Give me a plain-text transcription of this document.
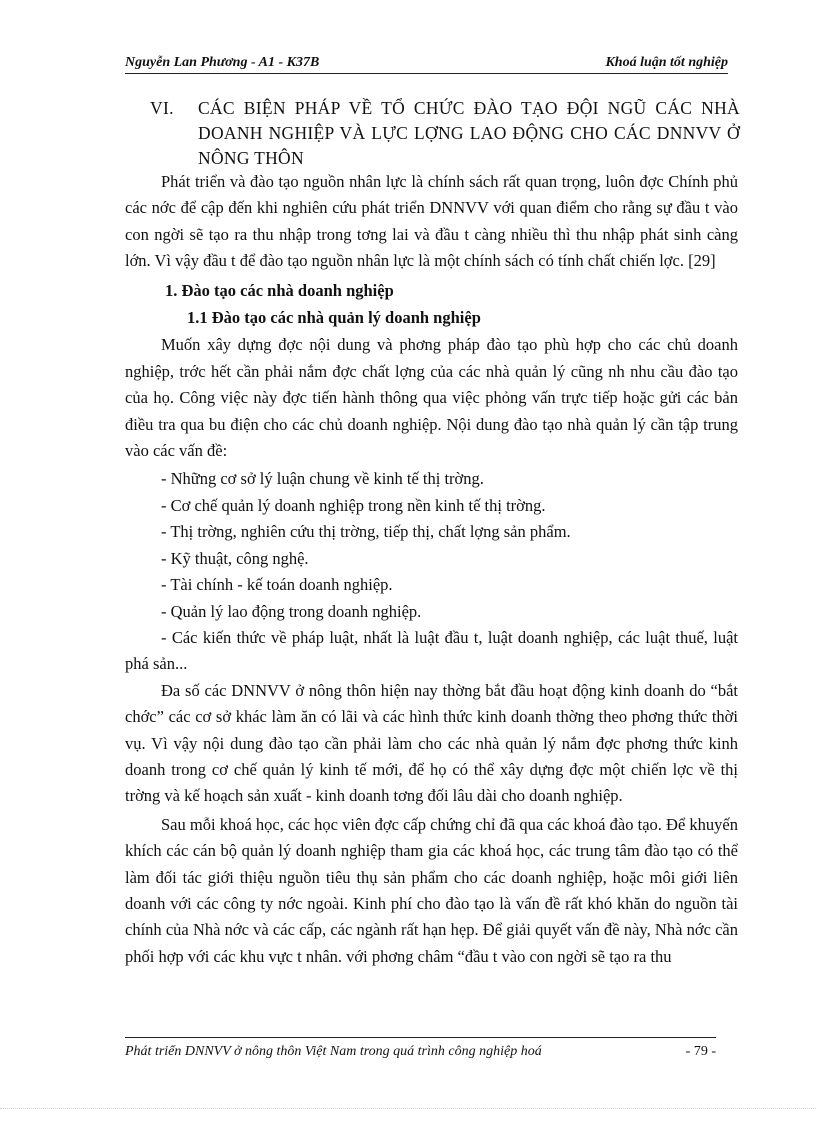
Nguyễn Lan Phương - A1 - K37B	Khoá luận tốt nghiệp
VI.	CÁC BIỆN PHÁP VỀ TỔ CHỨC ĐÀO TẠO ĐỘI NGŨ CÁC NHÀ DOANH NGHIỆP VÀ LỰC LỢNG LAO ĐỘNG CHO CÁC DNNVV Ở NÔNG THÔN

Phát triển và đào tạo nguồn nhân lực là chính sách rất quan trọng, luôn đợc Chính phủ các nớc để cập đến khi nghiên cứu phát triển DNNVV với quan điểm cho rằng sự đầu t vào con ngời sẽ tạo ra thu nhập trong tơng lai và đầu t càng nhiều thì thu nhập phát sinh càng lớn. Vì vậy đầu t để đào tạo nguồn nhân lực là một chính sách có tính chất chiến lợc. [29]

1. Đào tạo các nhà doanh nghiệp
1.1 Đào tạo các nhà quản lý doanh nghiệp

Muốn xây dựng đợc nội dung và phơng pháp đào tạo phù hợp cho các chủ doanh nghiệp, trớc hết cần phải nắm đợc chất lợng của các nhà quản lý cũng nh nhu cầu đào tạo của họ. Công việc này đợc tiến hành thông qua việc phỏng vấn trực tiếp hoặc gửi các bản điều tra qua bu điện cho các chủ doanh nghiệp. Nội dung đào tạo nhà quản lý cần tập trung vào các vấn đề:

- Những cơ sở lý luận chung về kinh tế thị trờng.
- Cơ chế quản lý doanh nghiệp trong nền kinh tế thị trờng.
- Thị trờng, nghiên cứu thị trờng, tiếp thị, chất lợng sản phẩm.
- Kỹ thuật, công nghệ.
- Tài chính - kế toán doanh nghiệp.
- Quản lý lao động trong doanh nghiệp.
- Các kiến thức về pháp luật, nhất là luật đầu t, luật doanh nghiệp, các luật thuế, luật phá sản...

Đa số các DNNVV ở nông thôn hiện nay thờng bắt đầu hoạt động kinh doanh do “bắt chớc” các cơ sở khác làm ăn có lãi và các hình thức kinh doanh thờng theo phơng thức thời vụ. Vì vậy nội dung đào tạo cần phải làm cho các nhà quản lý nắm đợc phơng thức kinh doanh trong cơ chế quản lý kinh tế mới, để họ có thể xây dựng đợc một chiến lợc về thị trờng và kế hoạch sản xuất - kinh doanh tơng đối lâu dài cho doanh nghiệp.

Sau mỗi khoá học, các học viên đợc cấp chứng chỉ đã qua các khoá đào tạo. Để khuyến khích các cán bộ quản lý doanh nghiệp tham gia các khoá học, các trung tâm đào tạo có thể làm đối tác giới thiệu nguồn tiêu thụ sản phẩm cho các doanh nghiệp, hoặc môi giới liên doanh với các công ty nớc ngoài. Kinh phí cho đào tạo là vấn đề rất khó khăn do nguồn tài chính của Nhà nớc và các cấp, các ngành rất hạn hẹp. Để giải quyết vấn đề này, Nhà nớc cần phối hợp với các khu vực t nhân. với phơng châm “đầu t vào con ngời sẽ tạo ra thu

Phát triển DNNVV ở nông thôn Việt Nam trong quá trình công nghiệp hoá	- 79 -
